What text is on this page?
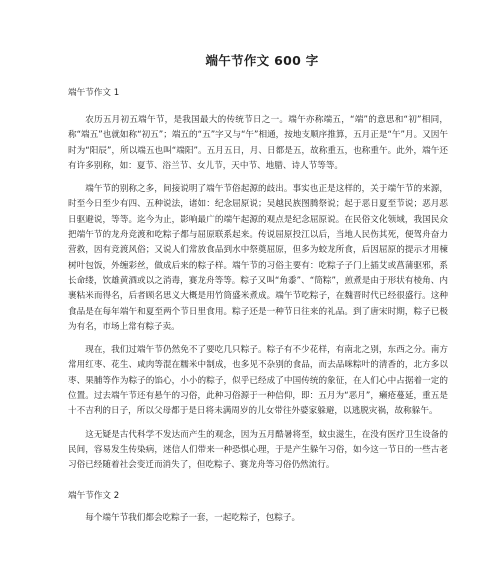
端午节作文 600 字

端午节作文 1

农历五月初五端午节，是我国最大的传统节日之一。端午亦称端五，“端”的意思和“初”相同，称“端五”也就如称“初五”；端五的“五”字又与“午”相通，按地支顺序推算，五月正是“午”月。又因午时为“阳辰”，所以端五也叫“端阳”。五月五日，月、日都是五，故称重五，也称重午。此外，端午还有许多别称，如：夏节、浴兰节、女儿节，天中节、地腊、诗人节等等。

端午节的别称之多，间接说明了端午节俗起源的歧出。事实也正是这样的，关于端午节的来源，时至今日至少有四、五种说法，诸如：纪念屈原说；吴越民族图腾祭说；起于恶日夏至节说；恶月恶日驱避说，等等。迄今为止，影响最广的端午起源的观点是纪念屈原说。在民俗文化领域，我国民众把端午节的龙舟竞渡和吃粽子都与屈原联系起来。传说屈原投江以后，当地人民伤其死，便驾舟奋力营救，因有竞渡风俗；又说人们常放食品到水中祭奠屈原，但多为蛟龙所食，后因屈原的提示才用楝树叶包饭，外缠彩丝，做成后来的粽子样。端午节的习俗主要有：吃粽子子门上插艾或菖蒲驱邪，系长命缕，饮雄黄酒或以之消毒，赛龙舟等等。粽子又叫“角黍”、“筒粽”，煎煮是由于形状有棱角、内裹粘米而得名，后者顾名思义大概是用竹筒盛米煮成。端午节吃粽子，在魏晋时代已经很盛行。这种食品是在每年端午和夏至两个节日里食用。粽子还是一种节日往来的礼品。到了唐宋时期，粽子已极为有名，市场上常有粽子卖。

现在，我们过端午节仍然免不了要吃几只粽子。粽子有不少花样，有南北之别，东西之分。南方常用红枣、花生、咸肉等混在糯米中制成，也多见不杂别的食品，而去品咪粽叶的清香的，北方多以枣、果脯等作为粽子的馅心，小小的粽子，似乎已经成了中国传统的象征，在人们心中占据着一定的位置。过去端午节还有悬午的习俗，此种习俗源于一种信仰，即：五月为“恶月”，癞疮蔓延，重五是十不吉利的日子，所以父母都于是日将未满周岁的儿女带往外婆家躲避，以逃脱灾祸，故称躲午。

这无疑是古代科学不发达而产生的观念，因为五月酷暑将至，蚊虫滋生，在没有医疗卫生设备的民间，容易发生传染病，迷信人们带来一种恐惧心理，于是产生躲午习俗，如今这一节日的一些古老习俗已经随着社会变迁而消失了，但吃粽子、赛龙舟等习俗仍然流行。

端午节作文 2

每个端午节我们都会吃粽子一套，一起吃粽子，包粽子。
